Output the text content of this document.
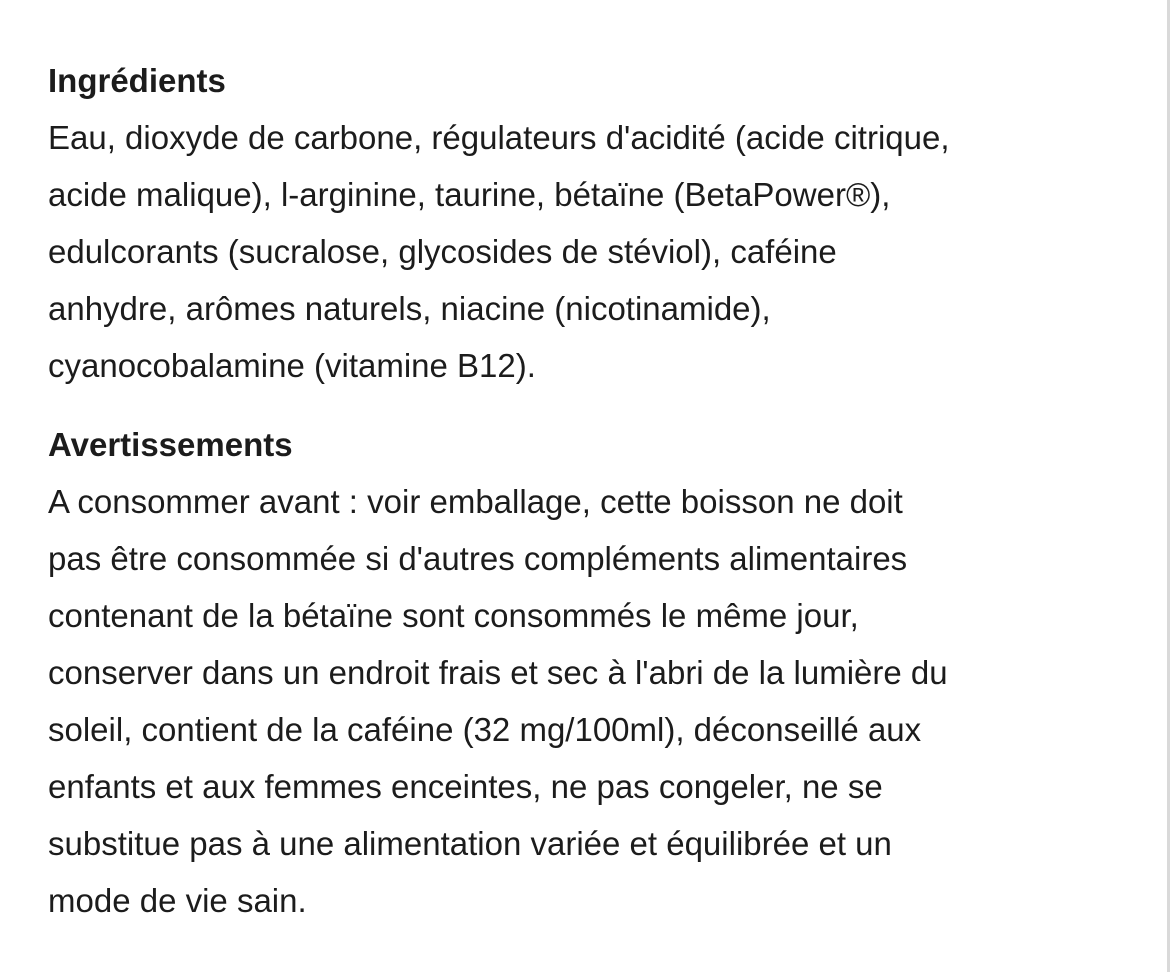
Ingrédients
Eau, dioxyde de carbone, régulateurs d'acidité (acide citrique,
acide malique), l-arginine, taurine, bétaïne (BetaPower®),
edulcorants (sucralose, glycosides de stéviol), caféine
anhydre, arômes naturels, niacine (nicotinamide),
cyanocobalamine (vitamine B12).
Avertissements
A consommer avant : voir emballage, cette boisson ne doit
pas être consommée si d'autres compléments alimentaires
contenant de la bétaïne sont consommés le même jour,
conserver dans un endroit frais et sec à l'abri de la lumière du
soleil, contient de la caféine (32 mg/100ml), déconseillé aux
enfants et aux femmes enceintes, ne pas congeler, ne se
substitue pas à une alimentation variée et équilibrée et un
mode de vie sain.
